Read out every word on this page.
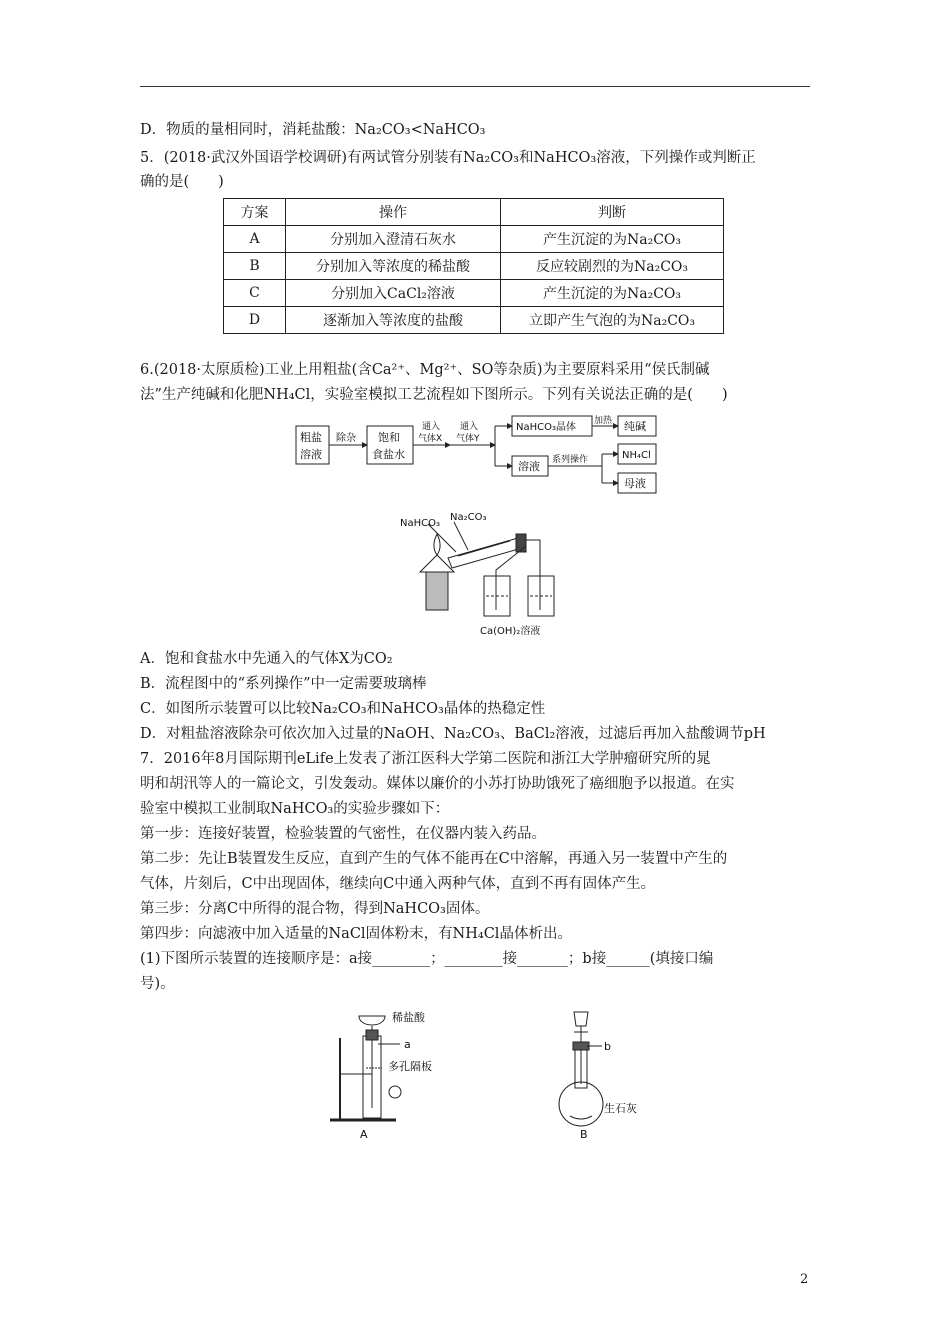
D．物质的量相同时，消耗盐酸：Na₂CO₃<NaHCO₃
5．(2018·武汉外国语学校调研)有两试管分别装有Na₂CO₃和NaHCO₃溶液，下列操作或判断正
确的是(　　)
方案	操作	判断
A	分别加入澄清石灰水	产生沉淀的为Na₂CO₃
B	分别加入等浓度的稀盐酸	反应较剧烈的为Na₂CO₃
C	分别加入CaCl₂溶液	产生沉淀的为Na₂CO₃
D	逐渐加入等浓度的盐酸	立即产生气泡的为Na₂CO₃
6.(2018·太原质检)工业上用粗盐(含Ca²⁺、Mg²⁺、SO等杂质)为主要原料采用“侯氏制碱
法”生产纯碱和化肥NH₄Cl，实验室模拟工艺流程如下图所示。下列有关说法正确的是(　　)
粗盐
溶液
除杂 饱和
食盐水
通入
气体X
通入
气体Y
NaHCO₃晶体
加热 纯碱
溶液 系列操作	NH₄Cl
母液
NaHCO₃
Na₂CO₃
Ca(OH)₂溶液
A．饱和食盐水中先通入的气体X为CO₂
B．流程图中的“系列操作”中一定需要玻璃棒
C．如图所示装置可以比较Na₂CO₃和NaHCO₃晶体的热稳定性
D．对粗盐溶液除杂可依次加入过量的NaOH、Na₂CO₃、BaCl₂溶液，过滤后再加入盐酸调节pH
7．2016年8月国际期刊eLife上发表了浙江医科大学第二医院和浙江大学肿瘤研究所的晁
明和胡汛等人的一篇论文，引发轰动。媒体以廉价的小苏打协助饿死了癌细胞予以报道。在实
验室中模拟工业制取NaHCO₃的实验步骤如下：
第一步：连接好装置，检验装置的气密性，在仪器内装入药品。
第二步：先让B装置发生反应，直到产生的气体不能再在C中溶解，再通入另一装置中产生的
气体，片刻后，C中出现固体，继续向C中通入两种气体，直到不再有固体产生。
第三步：分离C中所得的混合物，得到NaHCO₃固体。
第四步：向滤液中加入适量的NaCl固体粉末，有NH₄Cl晶体析出。
(1)下图所示装置的连接顺序是：a接________；________接_______；b接______(填接口编
号)。
稀盐酸
a
多孔隔板
A
b
生石灰
B
2
